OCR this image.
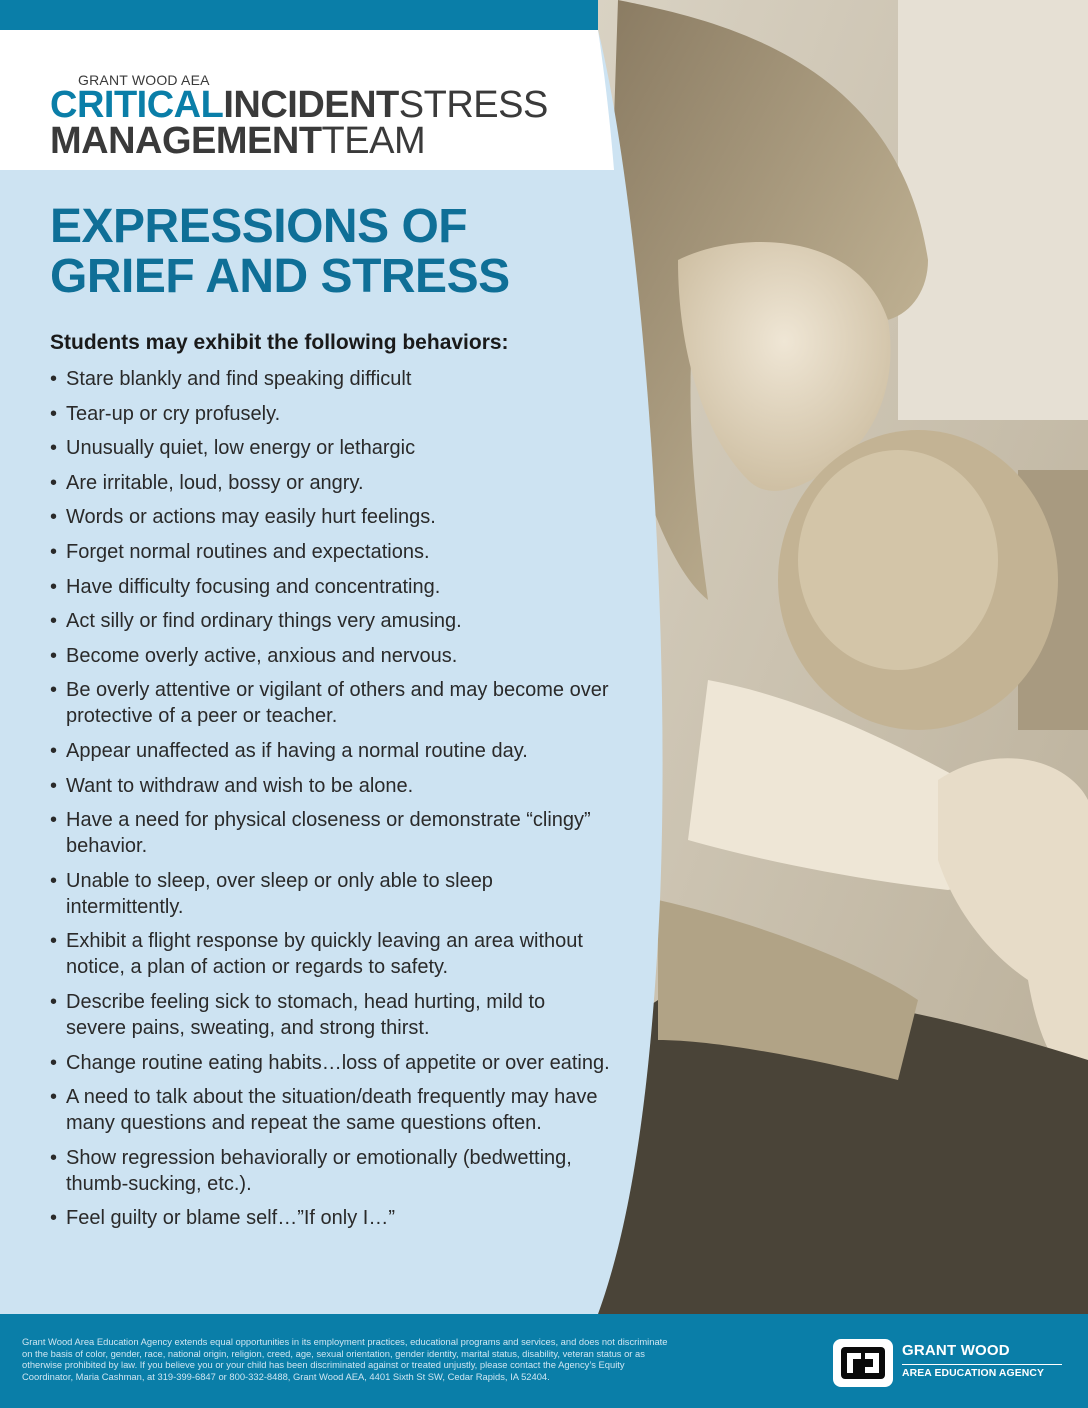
GRANT WOOD AEA
CRITICALINCIDENTSTRESS
MANAGEMENTTEAM
EXPRESSIONS OF
GRIEF AND STRESS
Students may exhibit the following behaviors:
• Stare blankly and find speaking difficult
• Tear-up or cry profusely.
• Unusually quiet, low energy or lethargic
• Are irritable, loud, bossy or angry.
• Words or actions may easily hurt feelings.
• Forget normal routines and expectations.
• Have difficulty focusing and concentrating.
• Act silly or find ordinary things very amusing.
• Become overly active, anxious and nervous.
• Be overly attentive or vigilant of others and may become over protective of a peer or teacher.
• Appear unaffected as if having a normal routine day.
• Want to withdraw and wish to be alone.
• Have a need for physical closeness or demonstrate “clingy” behavior.
• Unable to sleep, over sleep or only able to sleep intermittently.
• Exhibit a flight response by quickly leaving an area without notice, a plan of action or regards to safety.
• Describe feeling sick to stomach, head hurting, mild to severe pains, sweating, and strong thirst.
• Change routine eating habits…loss of appetite or over eating.
• A need to talk about the situation/death frequently may have many questions and repeat the same questions often.
• Show regression behaviorally or emotionally (bedwetting, thumb-sucking, etc.).
• Feel guilty or blame self…”If only I…”
Grant Wood Area Education Agency extends equal opportunities in its employment practices, educational programs and services, and does not discriminate on the basis of color, gender, race, national origin, religion, creed, age, sexual orientation, gender identity, marital status, disability, veteran status or as otherwise prohibited by law. If you believe you or your child has been discriminated against or treated unjustly, please contact the Agency’s Equity Coordinator, Maria Cashman, at 319-399-6847 or 800-332-8488, Grant Wood AEA, 4401 Sixth St SW, Cedar Rapids, IA 52404.
GRANT WOOD
AREA EDUCATION AGENCY
